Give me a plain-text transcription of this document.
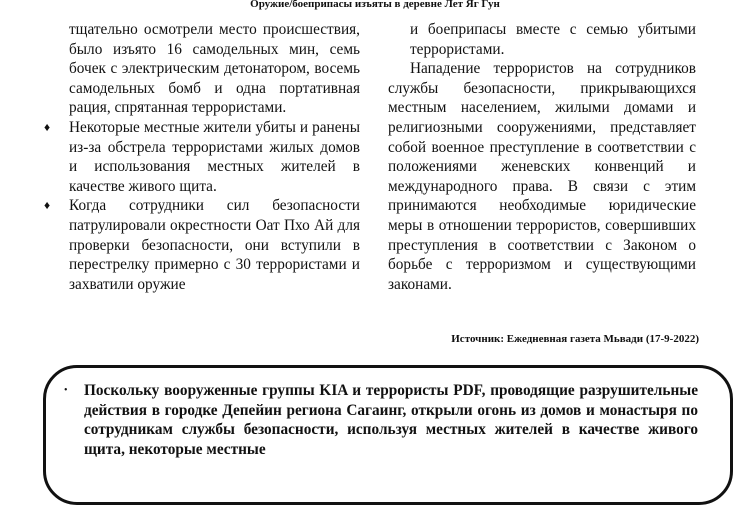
Оружие/боеприпасы изъяты в деревне Лет Яг Гун

тщательно осмотрели место происшествия, было изъято 16 самодельных мин, семь бочек с электрическим детонатором, восемь самодельных бомб и одна портативная рация, спрятанная террористами.

♦ Некоторые местные жители убиты и ранены из-за обстрела террористами жилых домов и использования местных жителей в качестве живого щита.
♦ Когда сотрудники сил безопасности патрулировали окрестности Оат Пхо Ай для проверки безопасности, они вступили в перестрелку примерно с 30 террористами и захватили оружие

и боеприпасы вместе с семью убитыми террористами.

Нападение террористов на сотрудников службы безопасности, прикрывающихся местным населением, жилыми домами и религиозными сооружениями, представляет собой военное преступление в соответствии с положениями женевских конвенций и международного права. В связи с этим принимаются необходимые юридические меры в отношении террористов, совершивших преступления в соответствии с Законом о борьбе с терроризмом и существующими законами.

Источник: Ежедневная газета Мьвади (17-9-2022)
•	Поскольку вооруженные группы KIA и террористы PDF, проводящие разрушительные действия в городке Депейин региона Сагаинг, открыли огонь из домов и монастыря по сотрудникам службы безопасности, используя местных жителей в качестве живого щита, некоторые местные
